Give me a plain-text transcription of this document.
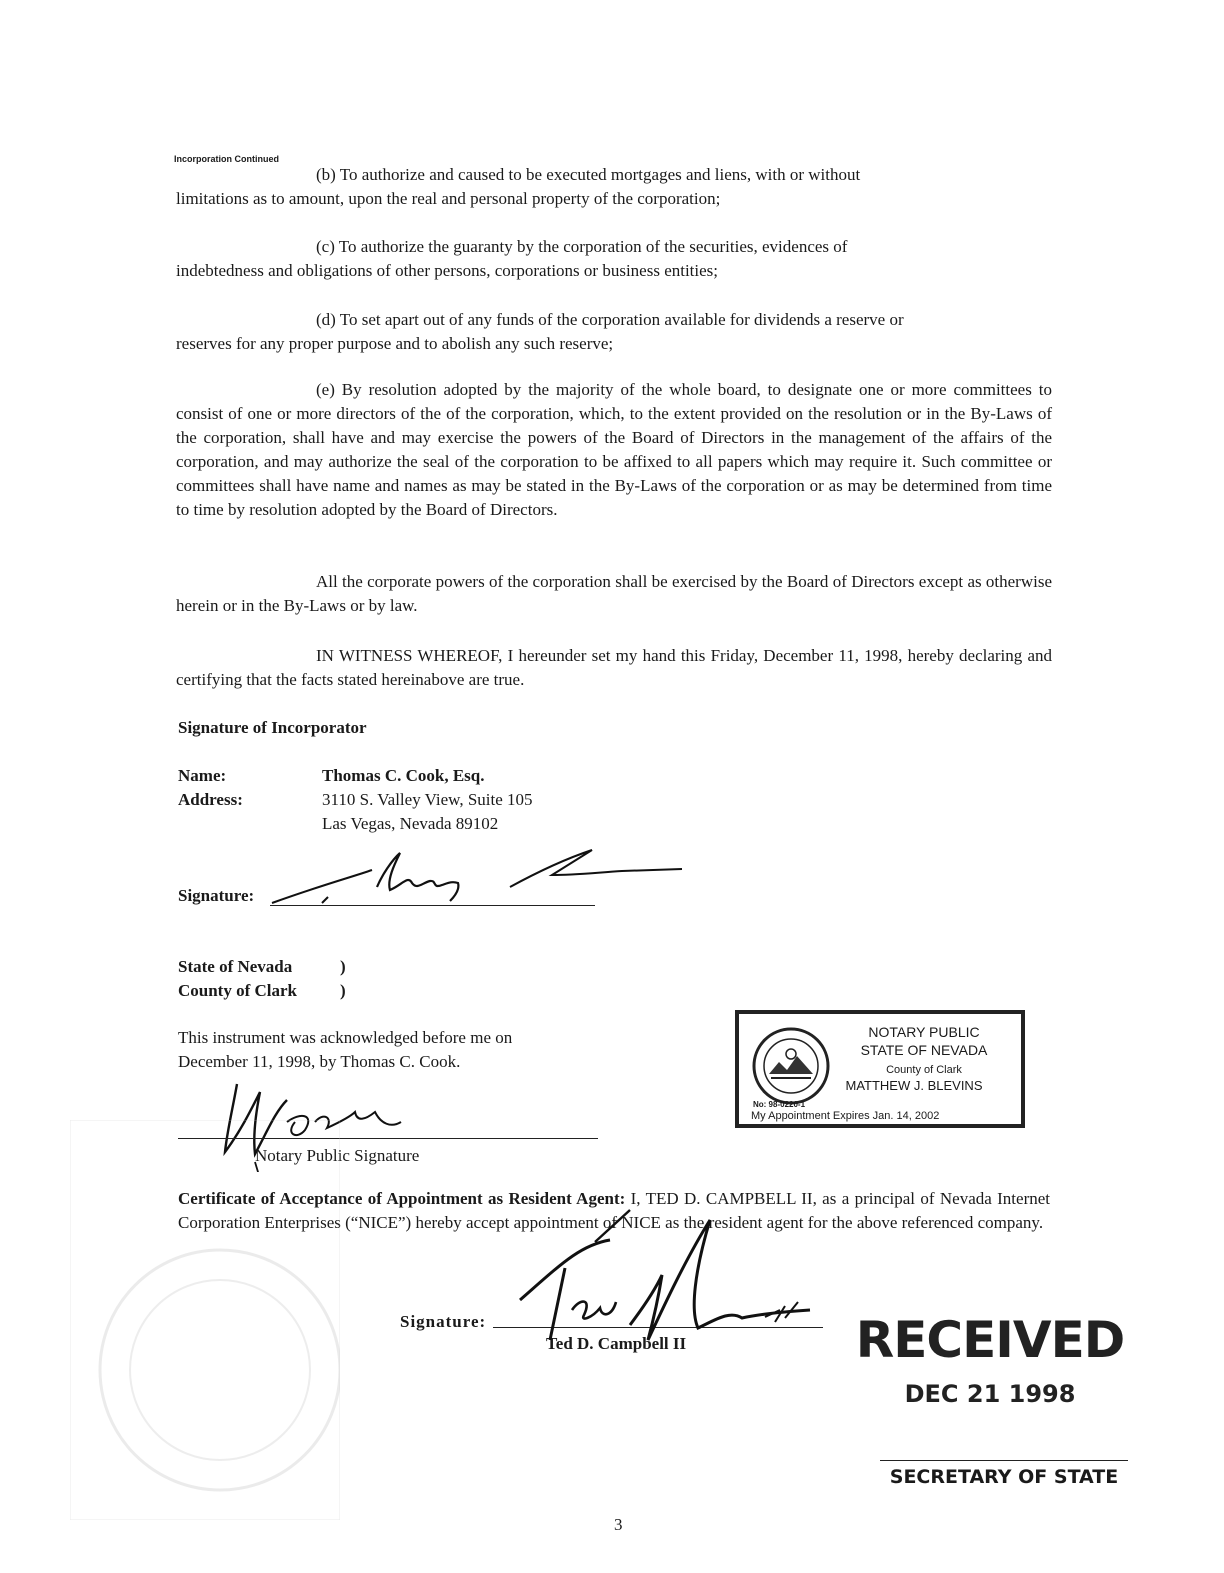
Incorporation Continued
(b) To authorize and caused to be executed mortgages and liens, with or without
limitations as to amount, upon the real and personal property of the corporation;
(c) To authorize the guaranty by the corporation of the securities, evidences of
indebtedness and obligations of other persons, corporations or business entities;
(d) To set apart out of any funds of the corporation available for dividends a reserve or
reserves for any proper purpose and to abolish any such reserve;
(e) By resolution adopted by the majority of the whole board, to designate one or more committees to consist of one or more directors of the of the corporation, which, to the extent provided on the resolution or in the By-Laws of the corporation, shall have and may exercise the powers of the Board of Directors in the management of the affairs of the corporation, and may authorize the seal of the corporation to be affixed to all papers which may require it. Such committee or committees shall have name and names as may be stated in the By-Laws of the corporation or as may be determined from time to time by resolution adopted by the Board of Directors.
All the corporate powers of the corporation shall be exercised by the Board of Directors except as otherwise herein or in the By-Laws or by law.
IN WITNESS WHEREOF, I hereunder set my hand this Friday, December 11, 1998, hereby declaring and certifying that the facts stated hereinabove are true.
Signature of Incorporator
Name:	Thomas C. Cook, Esq.
Address:	3110 S. Valley View, Suite 105
Las Vegas, Nevada 89102
Signature:
State of Nevada	)
County of Clark	)
This instrument was acknowledged before me on
December 11, 1998, by Thomas C. Cook.
Notary Public Signature
NOTARY PUBLIC
STATE OF NEVADA
County of Clark
MATTHEW J. BLEVINS
No: 98-0220-1
My Appointment Expires Jan. 14, 2002
Certificate of Acceptance of Appointment as Resident Agent: I, TED D. CAMPBELL II, as a principal of Nevada Internet Corporation Enterprises (“NICE”) hereby accept appointment of NICE as the resident agent for the above referenced company.
Signature:
Ted D. Campbell II	RECEIVED
DEC 21 1998
SECRETARY OF STATE
3
